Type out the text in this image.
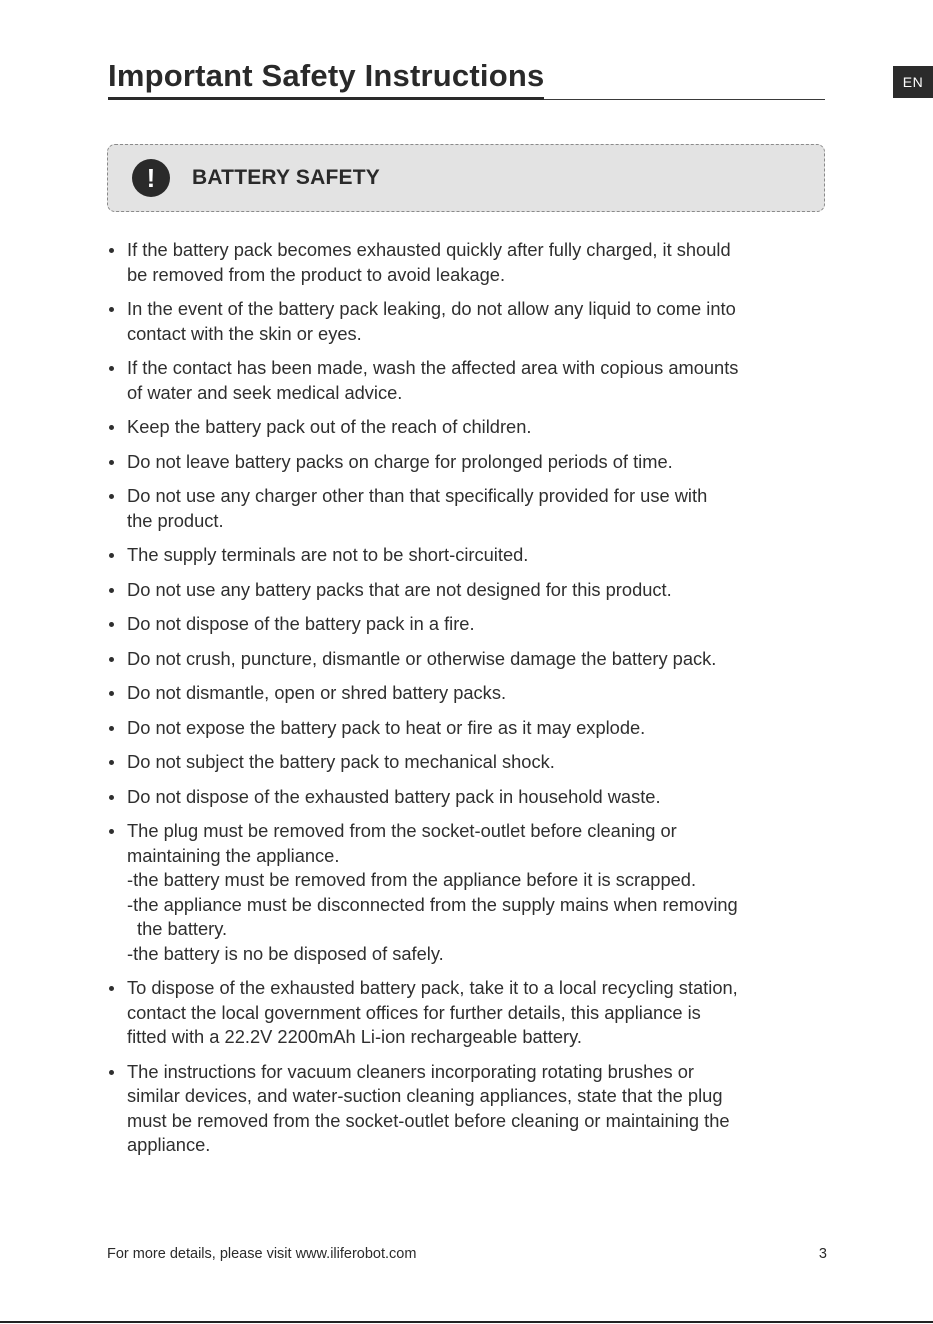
Important Safety Instructions	EN
!	BATTERY SAFETY
If the battery pack becomes exhausted quickly after fully charged, it should
be removed from the product to avoid leakage.
In the event of the battery pack leaking, do not allow any liquid to come into
contact with the skin or eyes.
If the contact has been made, wash the affected area with copious amounts
of water and seek medical advice.
Keep the battery pack out of the reach of children.
Do not leave battery packs on charge for prolonged periods of time.
Do not use any charger other than that specifically provided for use with
the product.
The supply terminals are not to be short-circuited.
Do not use any battery packs that are not designed for this product.
Do not dispose of the battery pack in a fire.
Do not crush, puncture, dismantle or otherwise damage the battery pack.
Do not dismantle, open or shred battery packs.
Do not expose the battery pack to heat or fire as it may explode.
Do not subject the battery pack to mechanical shock.
Do not dispose of the exhausted battery pack in household waste.
The plug must be removed from the socket-outlet before cleaning or
maintaining the appliance.
-the battery must be removed from the appliance before it is scrapped.
-the appliance must be disconnected from the supply mains when removing
the battery.
-the battery is no be disposed of safely.
To dispose of the exhausted battery pack, take it to a local recycling station,
contact the local government offices for further details, this appliance is
fitted with a 22.2V 2200mAh Li-ion rechargeable battery.
The instructions for vacuum cleaners incorporating rotating brushes or
similar devices, and water-suction cleaning appliances, state that the plug
must be removed from the socket-outlet before cleaning or maintaining the
appliance.
For more details, please visit www.iliferobot.com	3
